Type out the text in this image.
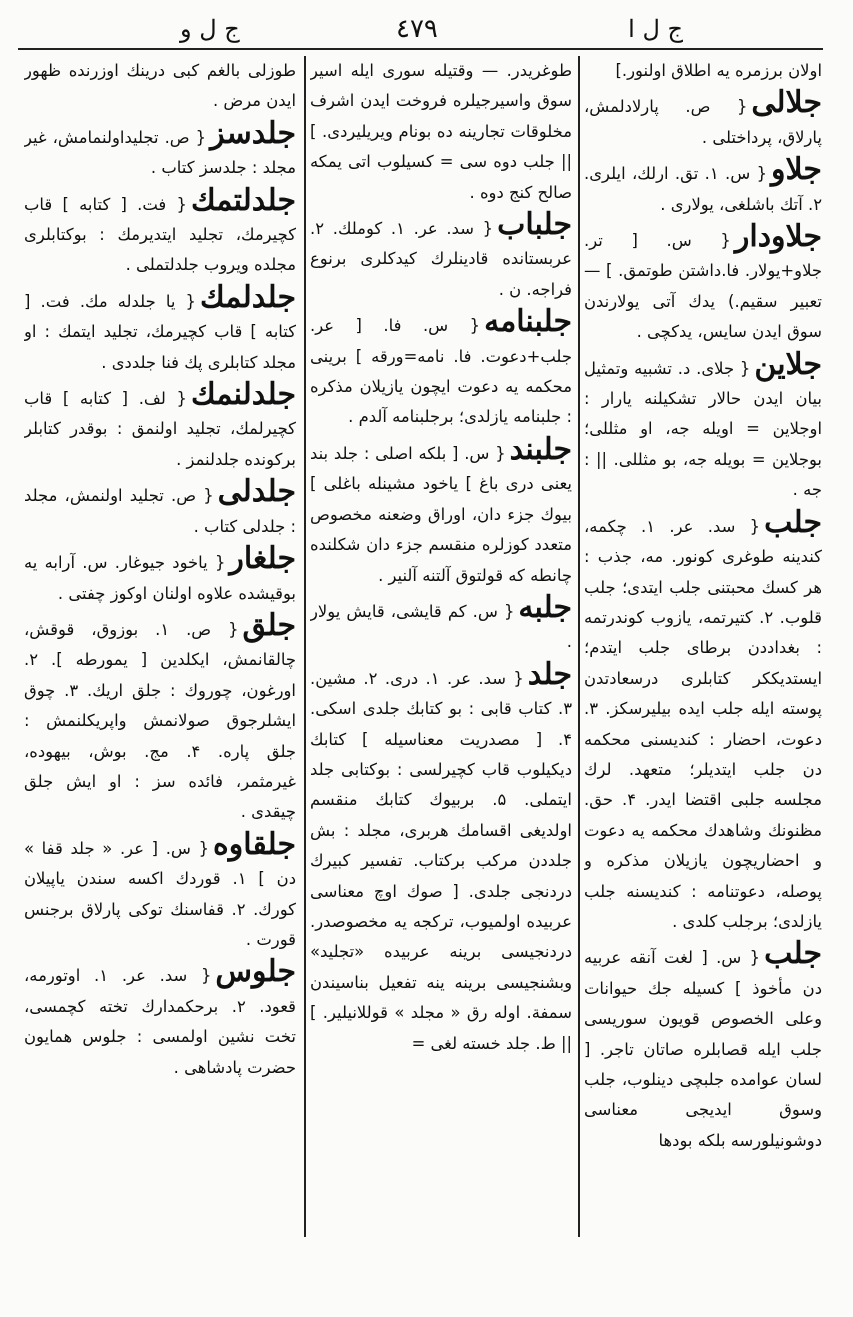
ج ل و	٤٧٩	ج ل ا

اولان برزمره یه اطلاق اولنور.]

جلالی{ ص. پارلادلمش، پارلاق، پرداختلی .

جلاو{ س. ۱. تق. ارلك، ایلری. ۲. آتك باشلغی، یولاری .

جلاودار{ س. [ تر. جلاو+یولار. فا.داشتن طوتمق. ] — تعبیر سقیم.) یدك آتی یولارندن سوق ایدن سایس، یدكچی .

جلاین{ جلای. د. تشبیه وتمثیل بیان ایدن حالار تشكیلنه یارار : اوجلاین = اویله جه، او مثللی؛ بوجلاین = بویله جه، بو مثللی. || : جه .

جلب{ سد. عر. ۱. چكمه، كندینه طوغری كونور. مه، جذب : هر كسك محبتنی جلب ایتدی؛ جلب قلوب. ۲. كتیرتمه، یازوب كوندرتمه : بغداددن برطای جلب ایتدم؛ ایستدیككر كتابلری درسعادتدن پوسته ایله جلب ایده بیلیرسكز. ۳. دعوت، احضار : كندیسنی محكمه دن جلب ایتدیلر؛ متعهد. لرك مجلسه جلبی اقتضا ایدر. ۴. حق. مظنونك وشاهدك محكمه یه دعوت و احضاریچون یازیلان مذكره و پوصله، دعوتنامه : كندیسنه جلب یازلدی؛ برجلب كلدی .

جلب{ س. [ لغت آنقه عربیه دن مأخوذ ] كسیله جك حیوانات وعلی الخصوص قویون سوریسی جلب ایله قصابلره صاتان تاجر. [ لسان عوامده جلبچی دینلوب، جلب وسوق ایدیجی معناسی دوشونیلورسه بلكه بودها

طوغریدر. — وقتیله سوری ایله اسیر سوق واسیرجیلره فروخت ایدن اشرف مخلوقات تجارینه ده بونام ویریلیردی. ] || جلب دوه سی = كسیلوب اتی یمكه صالح كنج دوه .

جلباب{ سد. عر. ۱. كوملك. ۲. عربستانده قادینلرك كیدكلری برنوع فراجه. ن .

جلبنامه{ س. فا. [ عر. جلب+دعوت. فا. نامه=ورقه ] برینی محكمه یه دعوت ایچون یازیلان مذكره : جلبنامه یازلدی؛ برجلبنامه آلدم .

جلبند{ س. [ بلكه اصلی : جلد بند یعنی دری باغ ] یاخود مشینله باغلی ] بیوك جزء دان، اوراق وضعنه مخصوص متعدد كوزلره منقسم جزء دان شكلنده چانطه كه قولتوق آلتنه آلنیر .

جلبه{ س. كم قایشی، قایش یولار .

جلد{ سد. عر. ۱. دری. ۲. مشین. ۳. كتاب قابی : بو كتابك جلدی اسكی. ۴. [ مصدریت معناسیله ] كتابك دیكیلوب قاب كچیرلسی : بوكتابی جلد ایتملی. ۵. بربیوك كتابك منقسم اولدیغی اقسامك هربری، مجلد : بش جلددن مركب بركتاب. تفسیر كبیرك دردنجی جلدی. [ صوك اوچ معناسی عربیده اولمیوب، تركجه یه مخصوصدر. دردنجیسی برینه عربیده «تجلید» وبشنجیسی برینه ینه تفعیل بناسیندن سمفة. اوله رق « مجلد » قوللانیلیر. ] || ط. جلد خسته لغی =

طوزلی بالغم كبی درینك اوزرنده ظهور ایدن مرض .

جلدسز{ ص. تجلیداولنمامش، غیر مجلد : جلدسز كتاب .

جلدلتمك{ فت. [ كتابه ] قاب كچیرمك، تجلید ایتدیرمك : بوكتابلری مجلده ویروب جلدلتملی .

جلدلمك{ یا جلدله مك. فت. [ كتابه ] قاب كچیرمك، تجلید ایتمك : او مجلد كتابلری پك فنا جلددی .

جلدلنمك{ لف. [ كتابه ] قاب كچیرلمك، تجلید اولنمق : بوقدر كتابلر بركونده جلدلنمز .

جلدلی{ ص. تجلید اولنمش، مجلد : جلدلی كتاب .

جلغار{ یاخود جیوغار. س. آرابه یه بوقیشده علاوه اولنان اوكوز چفتی .

جلق{ ص. ۱. بوزوق، قوقش، چالقانمش، ایكلدین [ یمورطه ]. ۲. اورغون، چوروك : جلق اریك. ۳. چوق ایشلرجوق صولانمش واپریكلنمش : جلق پاره. ۴. مج. بوش، بیهوده، غیرمثمر، فائده سز : او ایش جلق چیقدی .

جلقاوه{ س. [ عر. « جلد قفا » دن ] ۱. قوردك اكسه سندن یاپیلان كورك. ۲. قفاسنك توكی پارلاق برجنس قورت .

جلوس{ سد. عر. ۱. اوتورمه، قعود. ۲. برحكمدارك تخته كچمسی، تخت نشین اولمسی : جلوس همایون حضرت پادشاهی .
